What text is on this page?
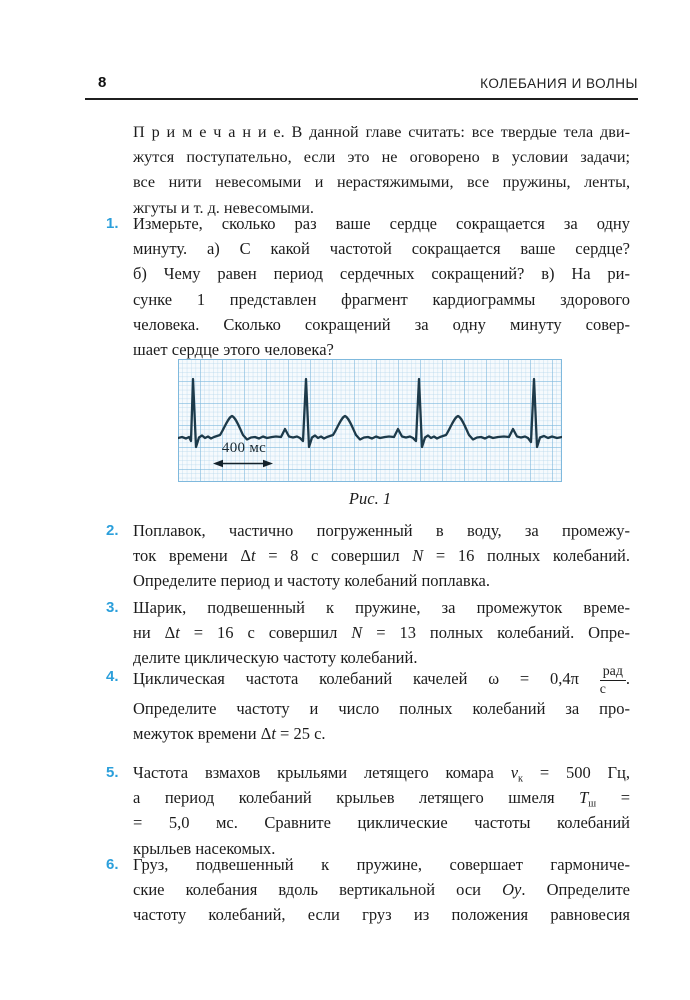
8	КОЛЕБАНИЯ И ВОЛНЫ
П р и м е ч а н и е. В данной главе считать: все твердые тела дви-
жутся поступательно, если это не оговорено в условии задачи;
все нити невесомыми и нерастяжимыми, все пружины, ленты,
жгуты и т. д. невесомыми.
1. Измерьте, сколько раз ваше сердце сокращается за одну
минуту. а) С какой частотой сокращается ваше сердце?
б) Чему равен период сердечных сокращений? в) На ри-
сунке 1 представлен фрагмент кардиограммы здорового
человека. Сколько сокращений за одну минуту совер-
шает сердце этого человека?
400 мс
Рис. 1
2. Поплавок, частично погруженный в воду, за промежу-
ток времени Δt = 8 с совершил N = 16 полных колебаний.
Определите период и частоту колебаний поплавка.
3. Шарик, подвешенный к пружине, за промежуток време-
ни Δt = 16 с совершил N = 13 полных колебаний. Опре-
делите циклическую частоту колебаний.
4. Циклическая частота колебаний качелей $\omega = 0,4\pi \frac{\text{рад}}{с}$ .
Определите частоту и число полных колебаний за про-
межуток времени Δt = 25 с.
5. Частота взмахов крыльями летящего комара $\nu_к = 500$ Гц,
а период колебаний крыльев летящего шмеля $T_ш$ =
= 5,0 мс. Сравните циклические частоты колебаний
крыльев насекомых.
6. Груз, подвешенный к пружине, совершает гармониче-
ские колебания вдоль вертикальной оси Oy. Определите
частоту колебаний, если груз из положения равновесия
